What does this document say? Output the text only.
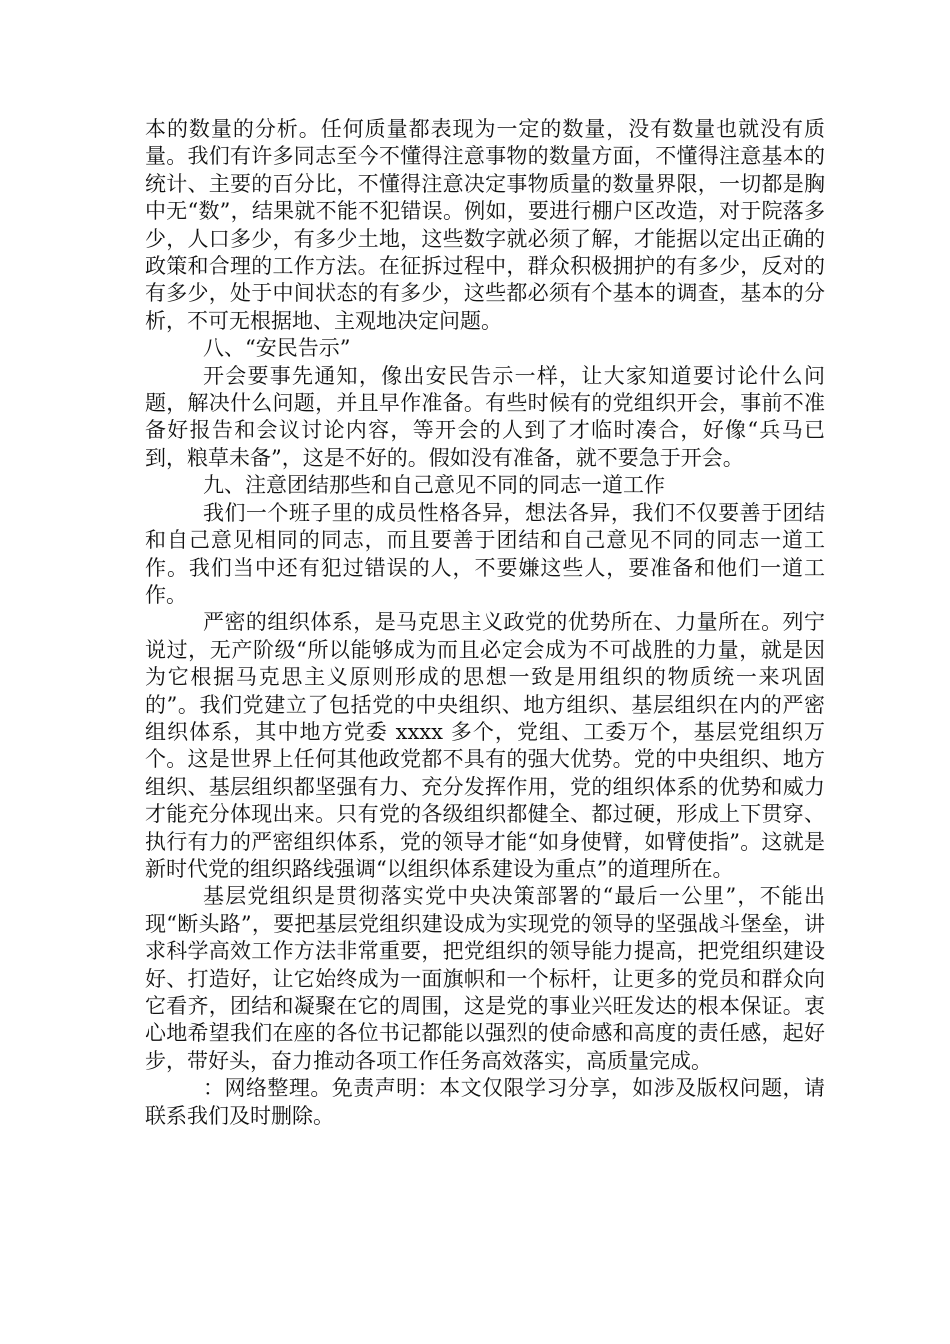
本的数量的分析。任何质量都表现为一定的数量，没有数量也就没有质量。我们有许多同志至今不懂得注意事物的数量方面，不懂得注意基本的统计、主要的百分比，不懂得注意决定事物质量的数量界限，一切都是胸中无“数”，结果就不能不犯错误。例如，要进行棚户区改造，对于院落多少，人口多少，有多少土地，这些数字就必须了解，才能据以定出正确的政策和合理的工作方法。在征拆过程中，群众积极拥护的有多少，反对的有多少，处于中间状态的有多少，这些都必须有个基本的调查，基本的分析，不可无根据地、主观地决定问题。

八、“安民告示”

开会要事先通知，像出安民告示一样，让大家知道要讨论什么问题，解决什么问题，并且早作准备。有些时候有的党组织开会，事前不准备好报告和会议讨论内容，等开会的人到了才临时凑合，好像“兵马已到，粮草未备”，这是不好的。假如没有准备，就不要急于开会。

九、注意团结那些和自己意见不同的同志一道工作

我们一个班子里的成员性格各异，想法各异，我们不仅要善于团结和自己意见相同的同志，而且要善于团结和自己意见不同的同志一道工作。我们当中还有犯过错误的人，不要嫌这些人，要准备和他们一道工作。

严密的组织体系，是马克思主义政党的优势所在、力量所在。列宁说过，无产阶级“所以能够成为而且必定会成为不可战胜的力量，就是因为它根据马克思主义原则形成的思想一致是用组织的物质统一来巩固的”。我们党建立了包括党的中央组织、地方组织、基层组织在内的严密组织体系，其中地方党委 xxxx 多个，党组、工委万个，基层党组织万个。这是世界上任何其他政党都不具有的强大优势。党的中央组织、地方组织、基层组织都坚强有力、充分发挥作用，党的组织体系的优势和威力才能充分体现出来。只有党的各级组织都健全、都过硬，形成上下贯穿、执行有力的严密组织体系，党的领导才能“如身使臂，如臂使指”。这就是新时代党的组织路线强调“以组织体系建设为重点”的道理所在。

基层党组织是贯彻落实党中央决策部署的“最后一公里”，不能出现“断头路”，要把基层党组织建设成为实现党的领导的坚强战斗堡垒，讲求科学高效工作方法非常重要，把党组织的领导能力提高，把党组织建设好、打造好，让它始终成为一面旗帜和一个标杆，让更多的党员和群众向它看齐，团结和凝聚在它的周围，这是党的事业兴旺发达的根本保证。衷心地希望我们在座的各位书记都能以强烈的使命感和高度的责任感，起好步，带好头，奋力推动各项工作任务高效落实，高质量完成。

：网络整理。免责声明：本文仅限学习分享，如涉及版权问题，请联系我们及时删除。
